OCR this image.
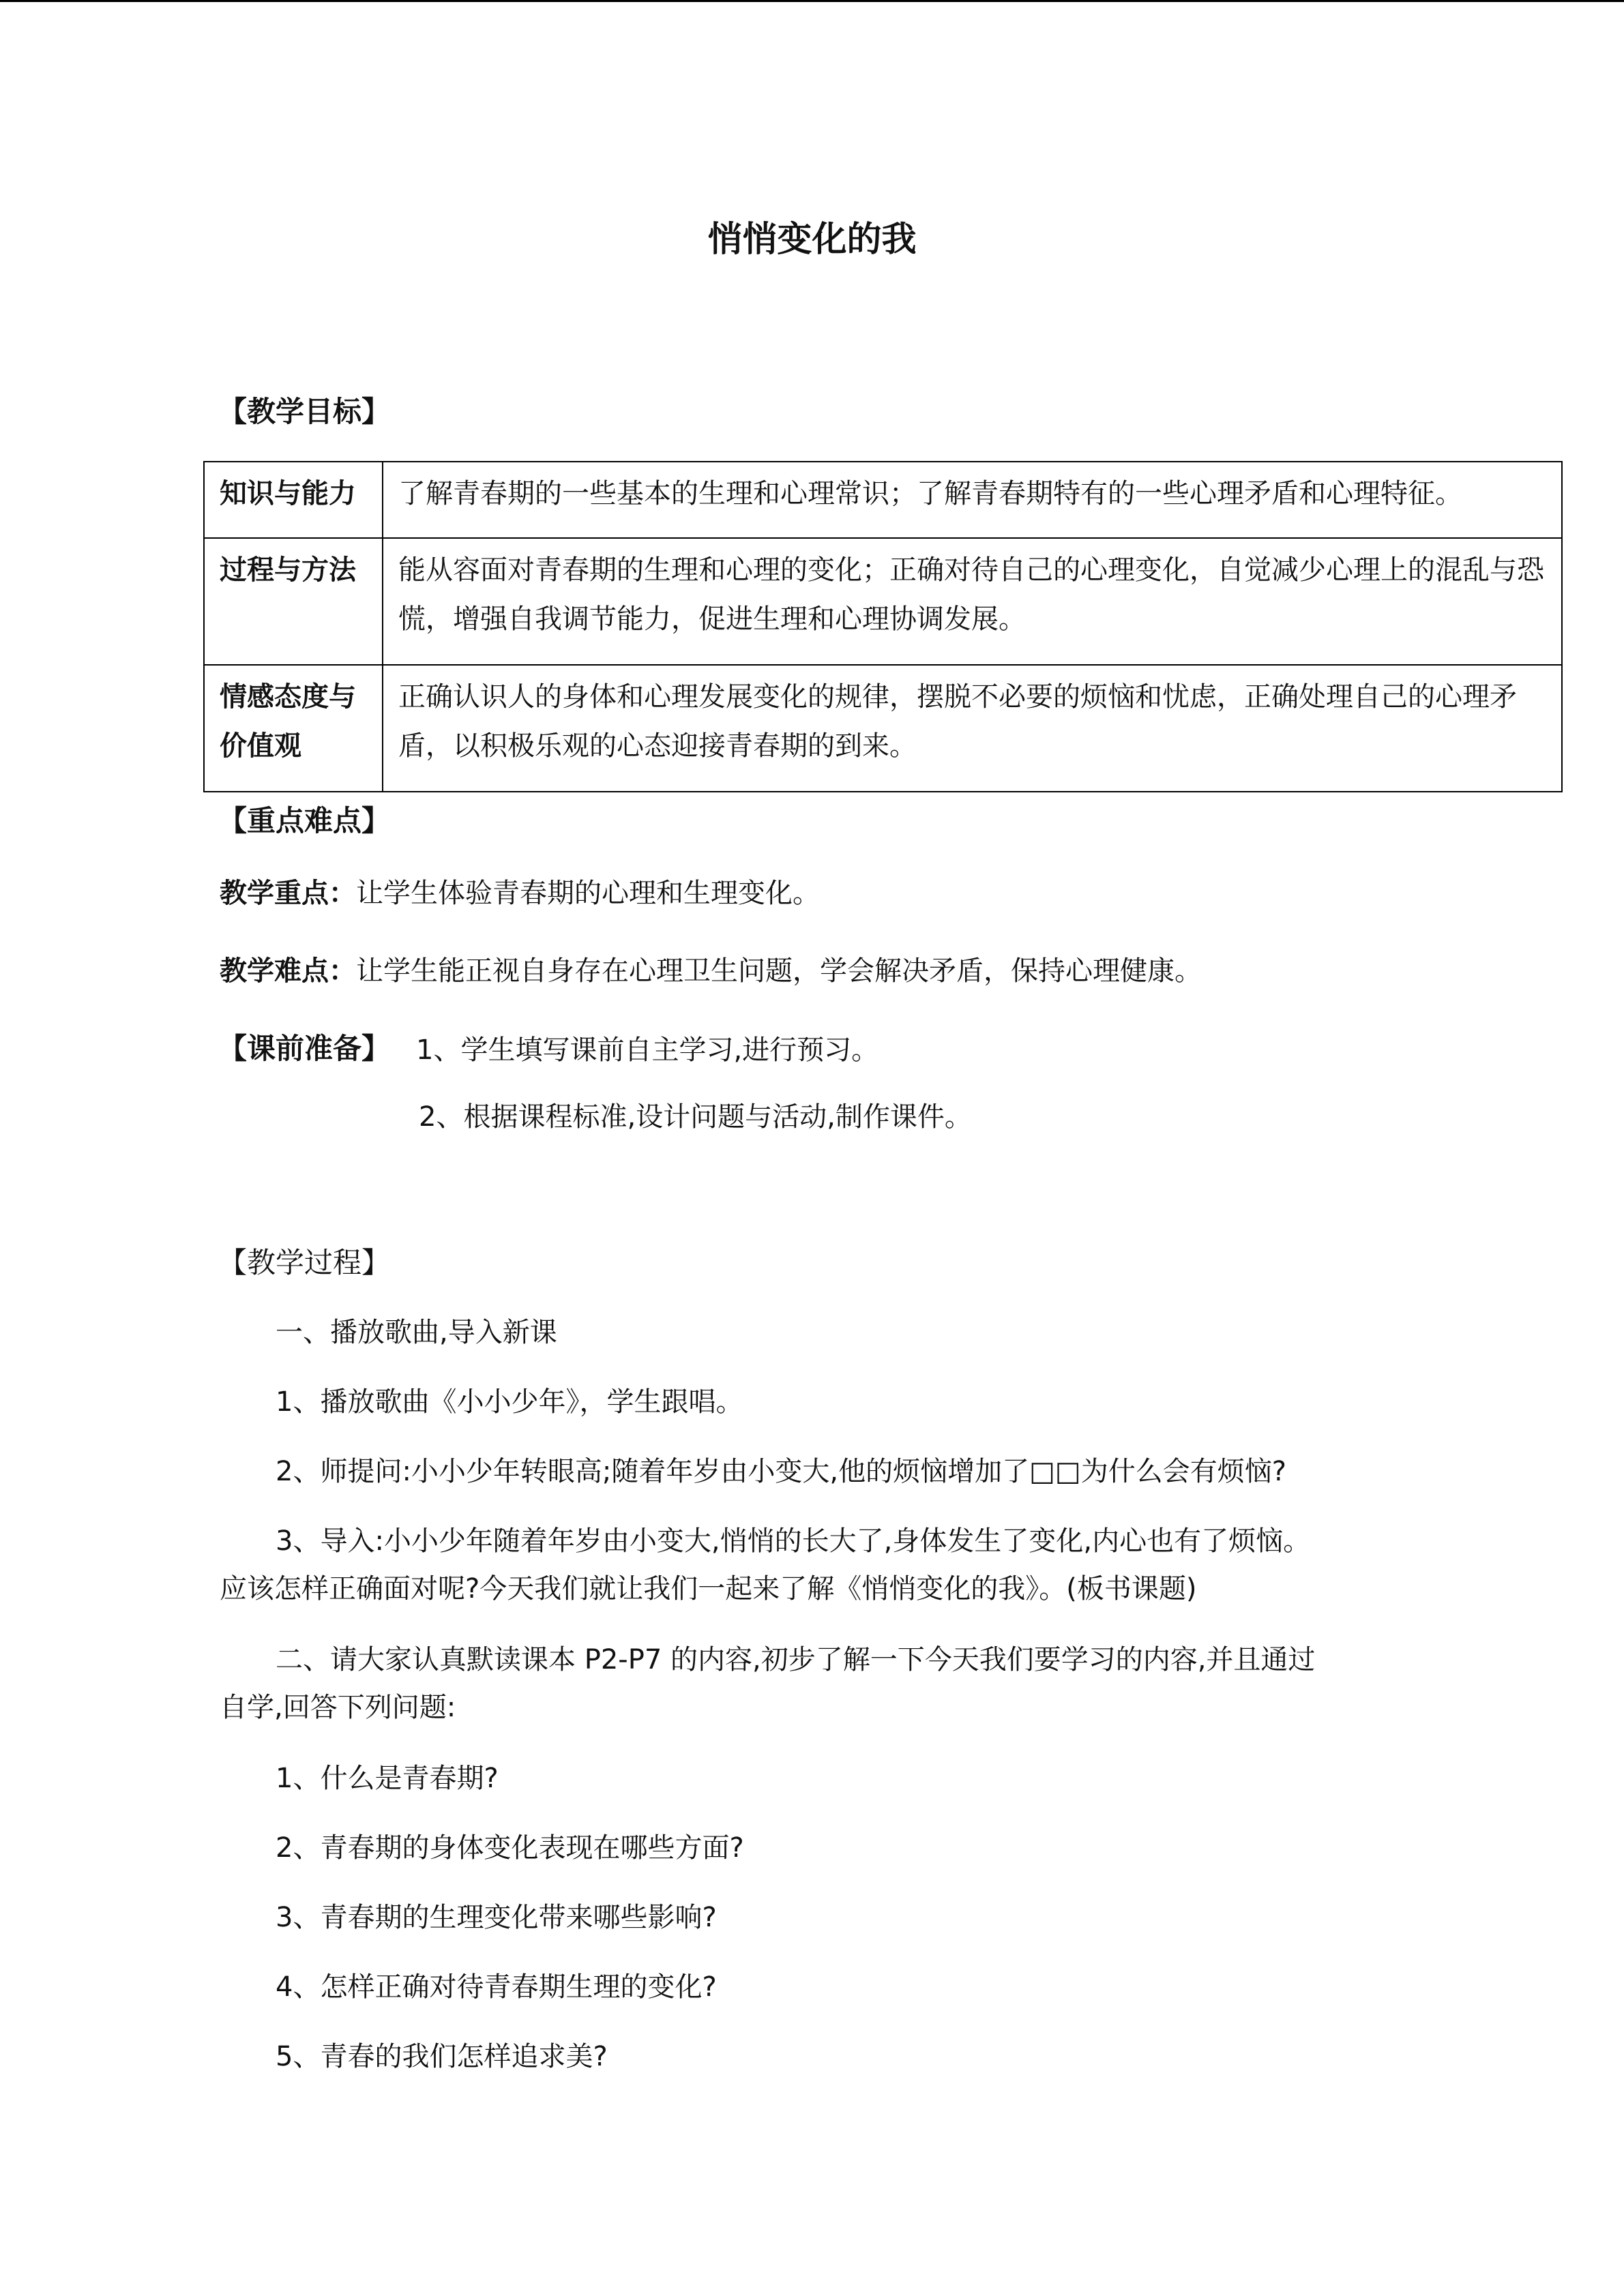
悄悄变化的我
【教学目标】
知识与能力	了解青春期的一些基本的生理和心理常识；了解青春期特有的一些心理矛盾和心理特征。

过程与方法	能从容面对青春期的生理和心理的变化；正确对待自己的心理变化，自觉减少心理上的混乱与恐慌，增强自我调节能力，促进生理和心理协调发展。

情感态度与价值观	正确认识人的身体和心理发展变化的规律，摆脱不必要的烦恼和忧虑，正确处理自己的心理矛盾，以积极乐观的心态迎接青春期的到来。
【重点难点】
教学重点：让学生体验青春期的心理和生理变化。
教学难点：让学生能正视自身存在心理卫生问题，学会解决矛盾，保持心理健康。
【课前准备】 1、学生填写课前自主学习,进行预习。
2、根据课程标准,设计问题与活动,制作课件。
【教学过程】
一、播放歌曲,导入新课
1、播放歌曲《小小少年》，学生跟唱。
2、师提问:小小少年转眼高;随着年岁由小变大,他的烦恼增加了□□为什么会有烦恼?
3、导入:小小少年随着年岁由小变大,悄悄的长大了,身体发生了变化,内心也有了烦恼。
应该怎样正确面对呢?今天我们就让我们一起来了解《悄悄变化的我》。(板书课题)
二、请大家认真默读课本 P2-P7 的内容,初步了解一下今天我们要学习的内容,并且通过
自学,回答下列问题:
1、什么是青春期?
2、青春期的身体变化表现在哪些方面?
3、青春期的生理变化带来哪些影响?
4、怎样正确对待青春期生理的变化?
5、青春的我们怎样追求美?
